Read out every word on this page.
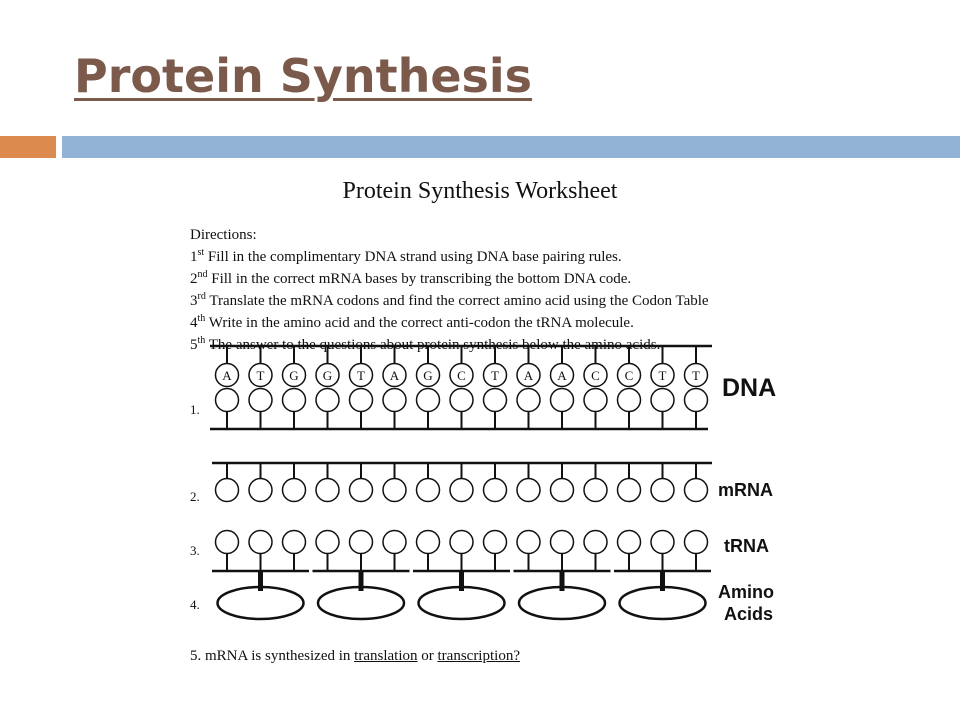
Protein Synthesis
Protein Synthesis Worksheet
Directions:
1st Fill in the complimentary DNA strand using DNA base pairing rules.
2nd Fill in the correct mRNA bases by transcribing the bottom DNA code.
3rd Translate the mRNA codons and find the correct amino acid using the Codon Table
4th Write in the amino acid and the correct anti-codon the tRNA molecule.
5th The answer to the questions about protein synthesis below the amino acids.
A T G G T A G C T A A C C T T
1.
2.
3.
4.
DNA
mRNA
tRNA
Amino
Acids
5. mRNA is synthesized in translation or transcription?
